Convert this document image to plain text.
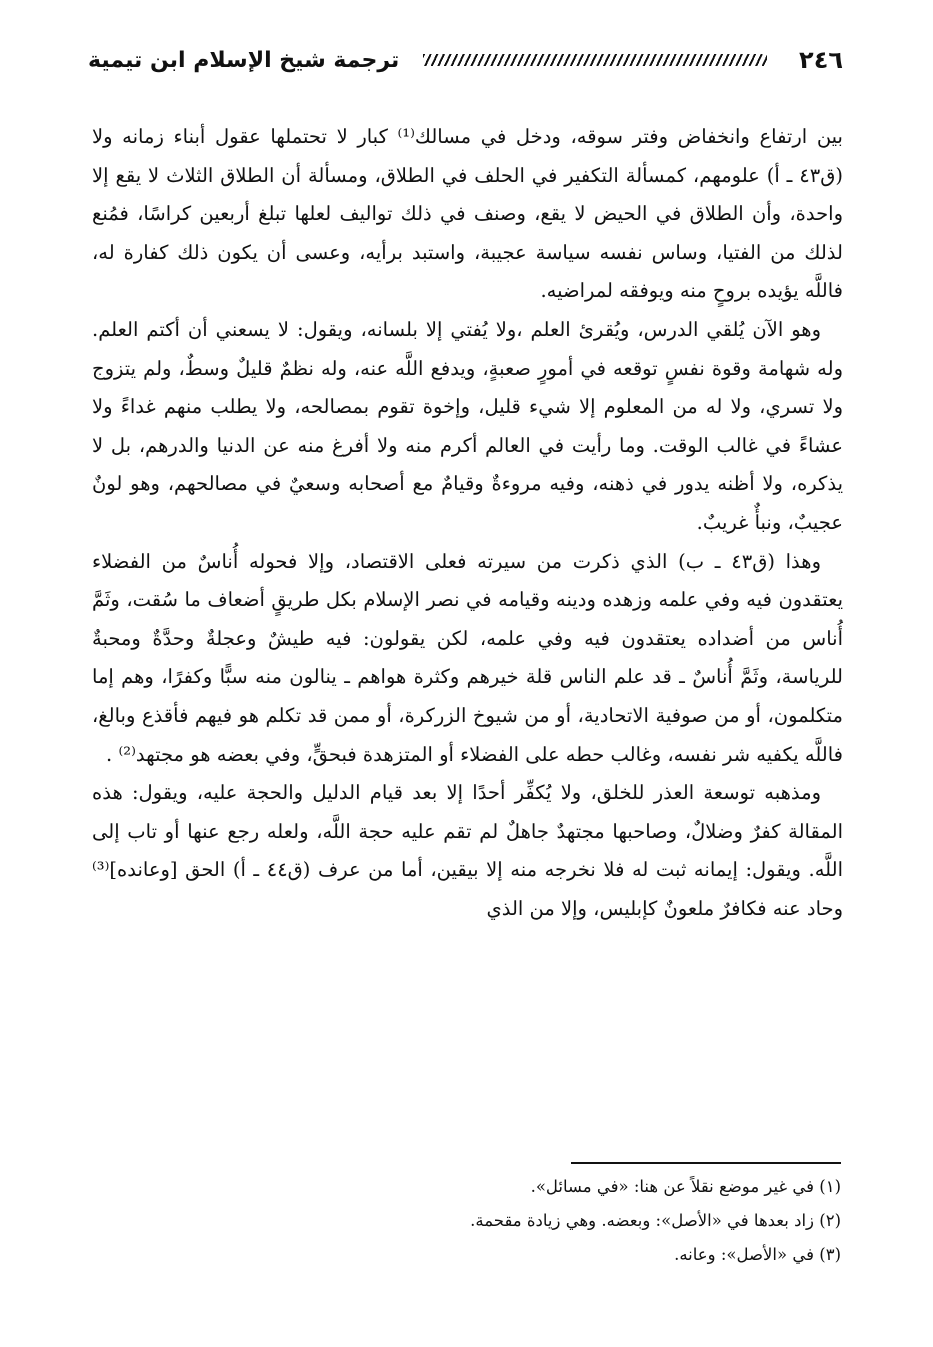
٢٤٦
ترجمة شيخ الإسلام ابن تيمية

بين ارتفاع وانخفاض وفتر سوقه، ودخل في مسالك⁽¹⁾ كبار لا تحتملها عقول أبناء زمانه ولا (ق٤٣ ـ أ) علومهم، كمسألة التكفير في الحلف في الطلاق، ومسألة أن الطلاق الثلاث لا يقع إلا واحدة، وأن الطلاق في الحيض لا يقع، وصنف في ذلك تواليف لعلها تبلغ أربعين كراسًا، فمُنع لذلك من الفتيا، وساس نفسه سياسة عجيبة، واستبد برأيه، وعسى أن يكون ذلك كفارة له، فاللَّه يؤيده بروحٍ منه ويوفقه لمراضيه.

وهو الآن يُلقي الدرس، ويُقرئ العلم ،ولا يُفتي إلا بلسانه، ويقول: لا يسعني أن أكتم العلم. وله شهامة وقوة نفسٍ توقعه في أمورٍ صعبةٍ، ويدفع اللَّه عنه، وله نظمٌ قليلٌ وسطٌ، ولم يتزوج ولا تسري، ولا له من المعلوم إلا شيء قليل، وإخوة تقوم بمصالحه، ولا يطلب منهم غداءً ولا عشاءً في غالب الوقت. وما رأيت في العالم أكرم منه ولا أفرغ منه عن الدنيا والدرهم، بل لا يذكره، ولا أظنه يدور في ذهنه، وفيه مروءةٌ وقيامٌ مع أصحابه وسعيٌ في مصالحهم، وهو لونٌ عجيبٌ، ونبأٌ غريبٌ.

وهذا (ق٤٣ ـ ب) الذي ذكرت من سيرته فعلى الاقتصاد، وإلا فحوله أُناسٌ من الفضلاء يعتقدون فيه وفي علمه وزهده ودينه وقيامه في نصر الإسلام بكل طريقٍ أضعاف ما سُقت، وثَمَّ أُناس من أضداده يعتقدون فيه وفي علمه، لكن يقولون: فيه طيشٌ وعجلةٌ وحدَّةٌ ومحبةٌ للرياسة، وثَمَّ أُناسٌ ـ قد علم الناس قلة خيرهم وكثرة هواهم ـ ينالون منه سبًّا وكفرًا، وهم إما متكلمون، أو من صوفية الاتحادية، أو من شيوخ الزركرة، أو ممن قد تكلم هو فيهم فأقذع وبالغ، فاللَّه يكفيه شر نفسه، وغالب حطه على الفضلاء أو المتزهدة فبحقٍّ، وفي بعضه هو مجتهد⁽²⁾ .

ومذهبه توسعة العذر للخلق، ولا يُكفِّر أحدًا إلا بعد قيام الدليل والحجة عليه، ويقول: هذه المقالة كفرٌ وضلالٌ، وصاحبها مجتهدٌ جاهلٌ لم تقم عليه حجة اللَّه، ولعله رجع عنها أو تاب إلى اللَّه. ويقول: إيمانه ثبت له فلا نخرجه منه إلا بيقين، أما من عرف (ق٤٤ ـ أ) الحق [وعانده]⁽³⁾ وحاد عنه فكافرٌ ملعونٌ كإبليس، وإلا من الذي

(١) في غير موضع نقلاً عن هنا: «في مسائل».

(٢) زاد بعدها في «الأصل»: وبعضه. وهي زيادة مقحمة.

(٣) في «الأصل»: وعانه.
